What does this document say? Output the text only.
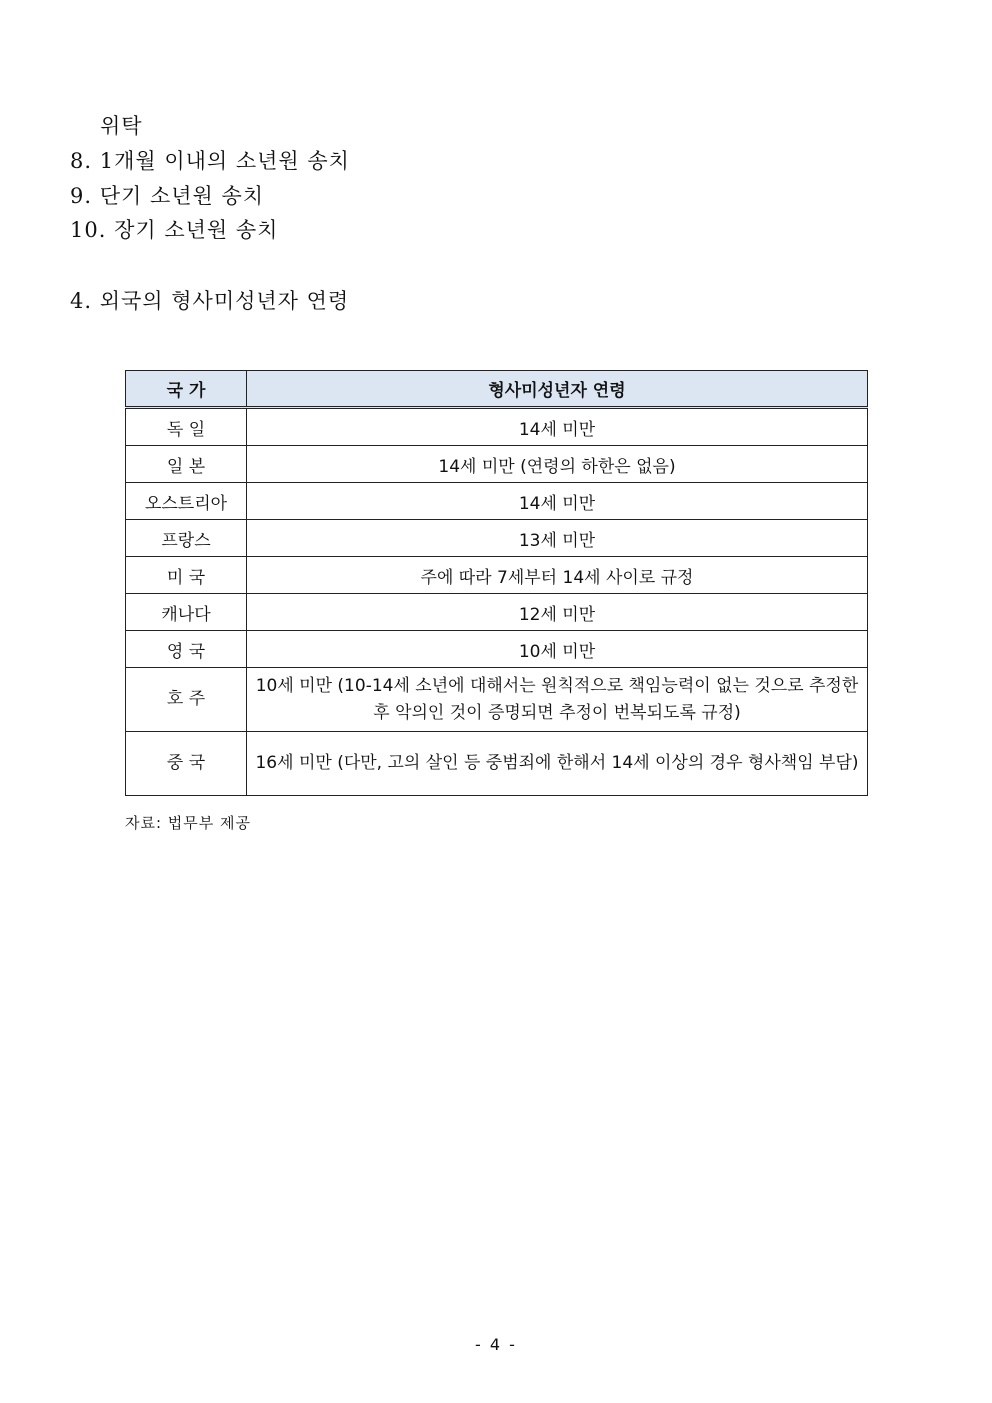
위탁
8. 1개월 이내의 소년원 송치
9. 단기 소년원 송치
10. 장기 소년원 송치
4. 외국의 형사미성년자 연령
국 가	형사미성년자 연령
독 일	14세 미만
일 본	14세 미만 (연령의 하한은 없음)
오스트리아	14세 미만
프랑스	13세 미만
미 국	주에 따라 7세부터 14세 사이로 규정
캐나다	12세 미만
영 국	10세 미만
호 주	10세 미만 (10-14세 소년에 대해서는 원칙적으로 책임능력이 없는 것으로 추정한 후 악의인 것이 증명되면 추정이 번복되도록 규정)
중 국	16세 미만 (다만, 고의 살인 등 중범죄에 한해서 14세 이상의 경우 형사책임 부담)
자료: 법무부 제공
- 4 -
